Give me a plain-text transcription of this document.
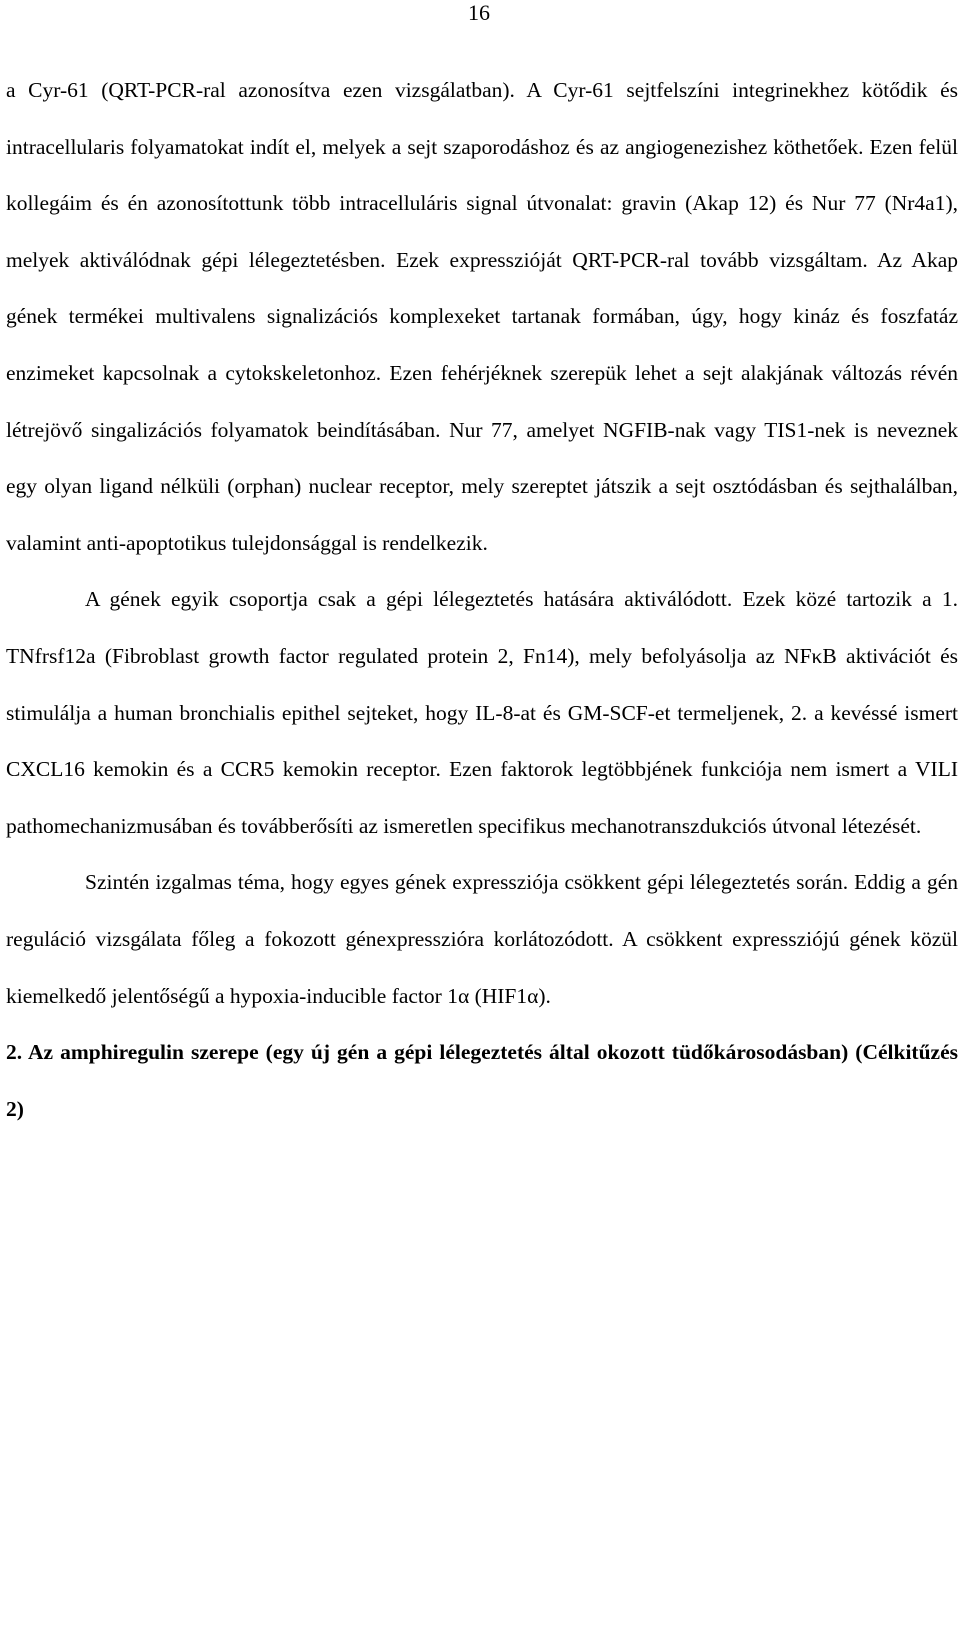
16

a Cyr-61 (QRT-PCR-ral azonosítva ezen vizsgálatban). A Cyr-61 sejtfelszíni integrinekhez kötődik és intracellularis folyamatokat indít el, melyek a sejt szaporodáshoz és az angiogenezishez köthetőek. Ezen felül kollegáim és én azonosítottunk több intracelluláris signal útvonalat: gravin (Akap 12) és Nur 77 (Nr4a1), melyek aktiválódnak gépi lélegeztetésben. Ezek expresszióját QRT-PCR-ral tovább vizsgáltam. Az Akap gének termékei multivalens signalizációs komplexeket tartanak formában, úgy, hogy kináz és foszfatáz enzimeket kapcsolnak a cytokskeletonhoz. Ezen fehérjéknek szerepük lehet a sejt alakjának változás révén létrejövő singalizációs folyamatok beindításában. Nur 77, amelyet NGFIB-nak vagy TIS1-nek is neveznek egy olyan ligand nélküli (orphan) nuclear receptor, mely szereptet játszik a sejt osztódásban és sejthalálban, valamint anti-apoptotikus tulejdonsággal is rendelkezik.

A gének egyik csoportja csak a gépi lélegeztetés hatására aktiválódott. Ezek közé tartozik a 1. TNfrsf12a (Fibroblast growth factor regulated protein 2, Fn14), mely befolyásolja az NFκB aktivációt és stimulálja a human bronchialis epithel sejteket, hogy IL-8-at és GM-SCF-et termeljenek, 2. a kevéssé ismert CXCL16 kemokin és a CCR5 kemokin receptor. Ezen faktorok legtöbbjének funkciója nem ismert a VILI pathomechanizmusában és továbberősíti az ismeretlen specifikus mechanotranszdukciós útvonal létezését.

Szintén izgalmas téma, hogy egyes gének expressziója csökkent gépi lélegeztetés során. Eddig a gén reguláció vizsgálata főleg a fokozott génexpresszióra korlátozódott. A csökkent expressziójú gének közül kiemelkedő jelentőségű a hypoxia-inducible factor 1α (HIF1α).

2. Az amphiregulin szerepe (egy új gén a gépi lélegeztetés által okozott tüdőkárosodásban) (Célkitűzés 2)
